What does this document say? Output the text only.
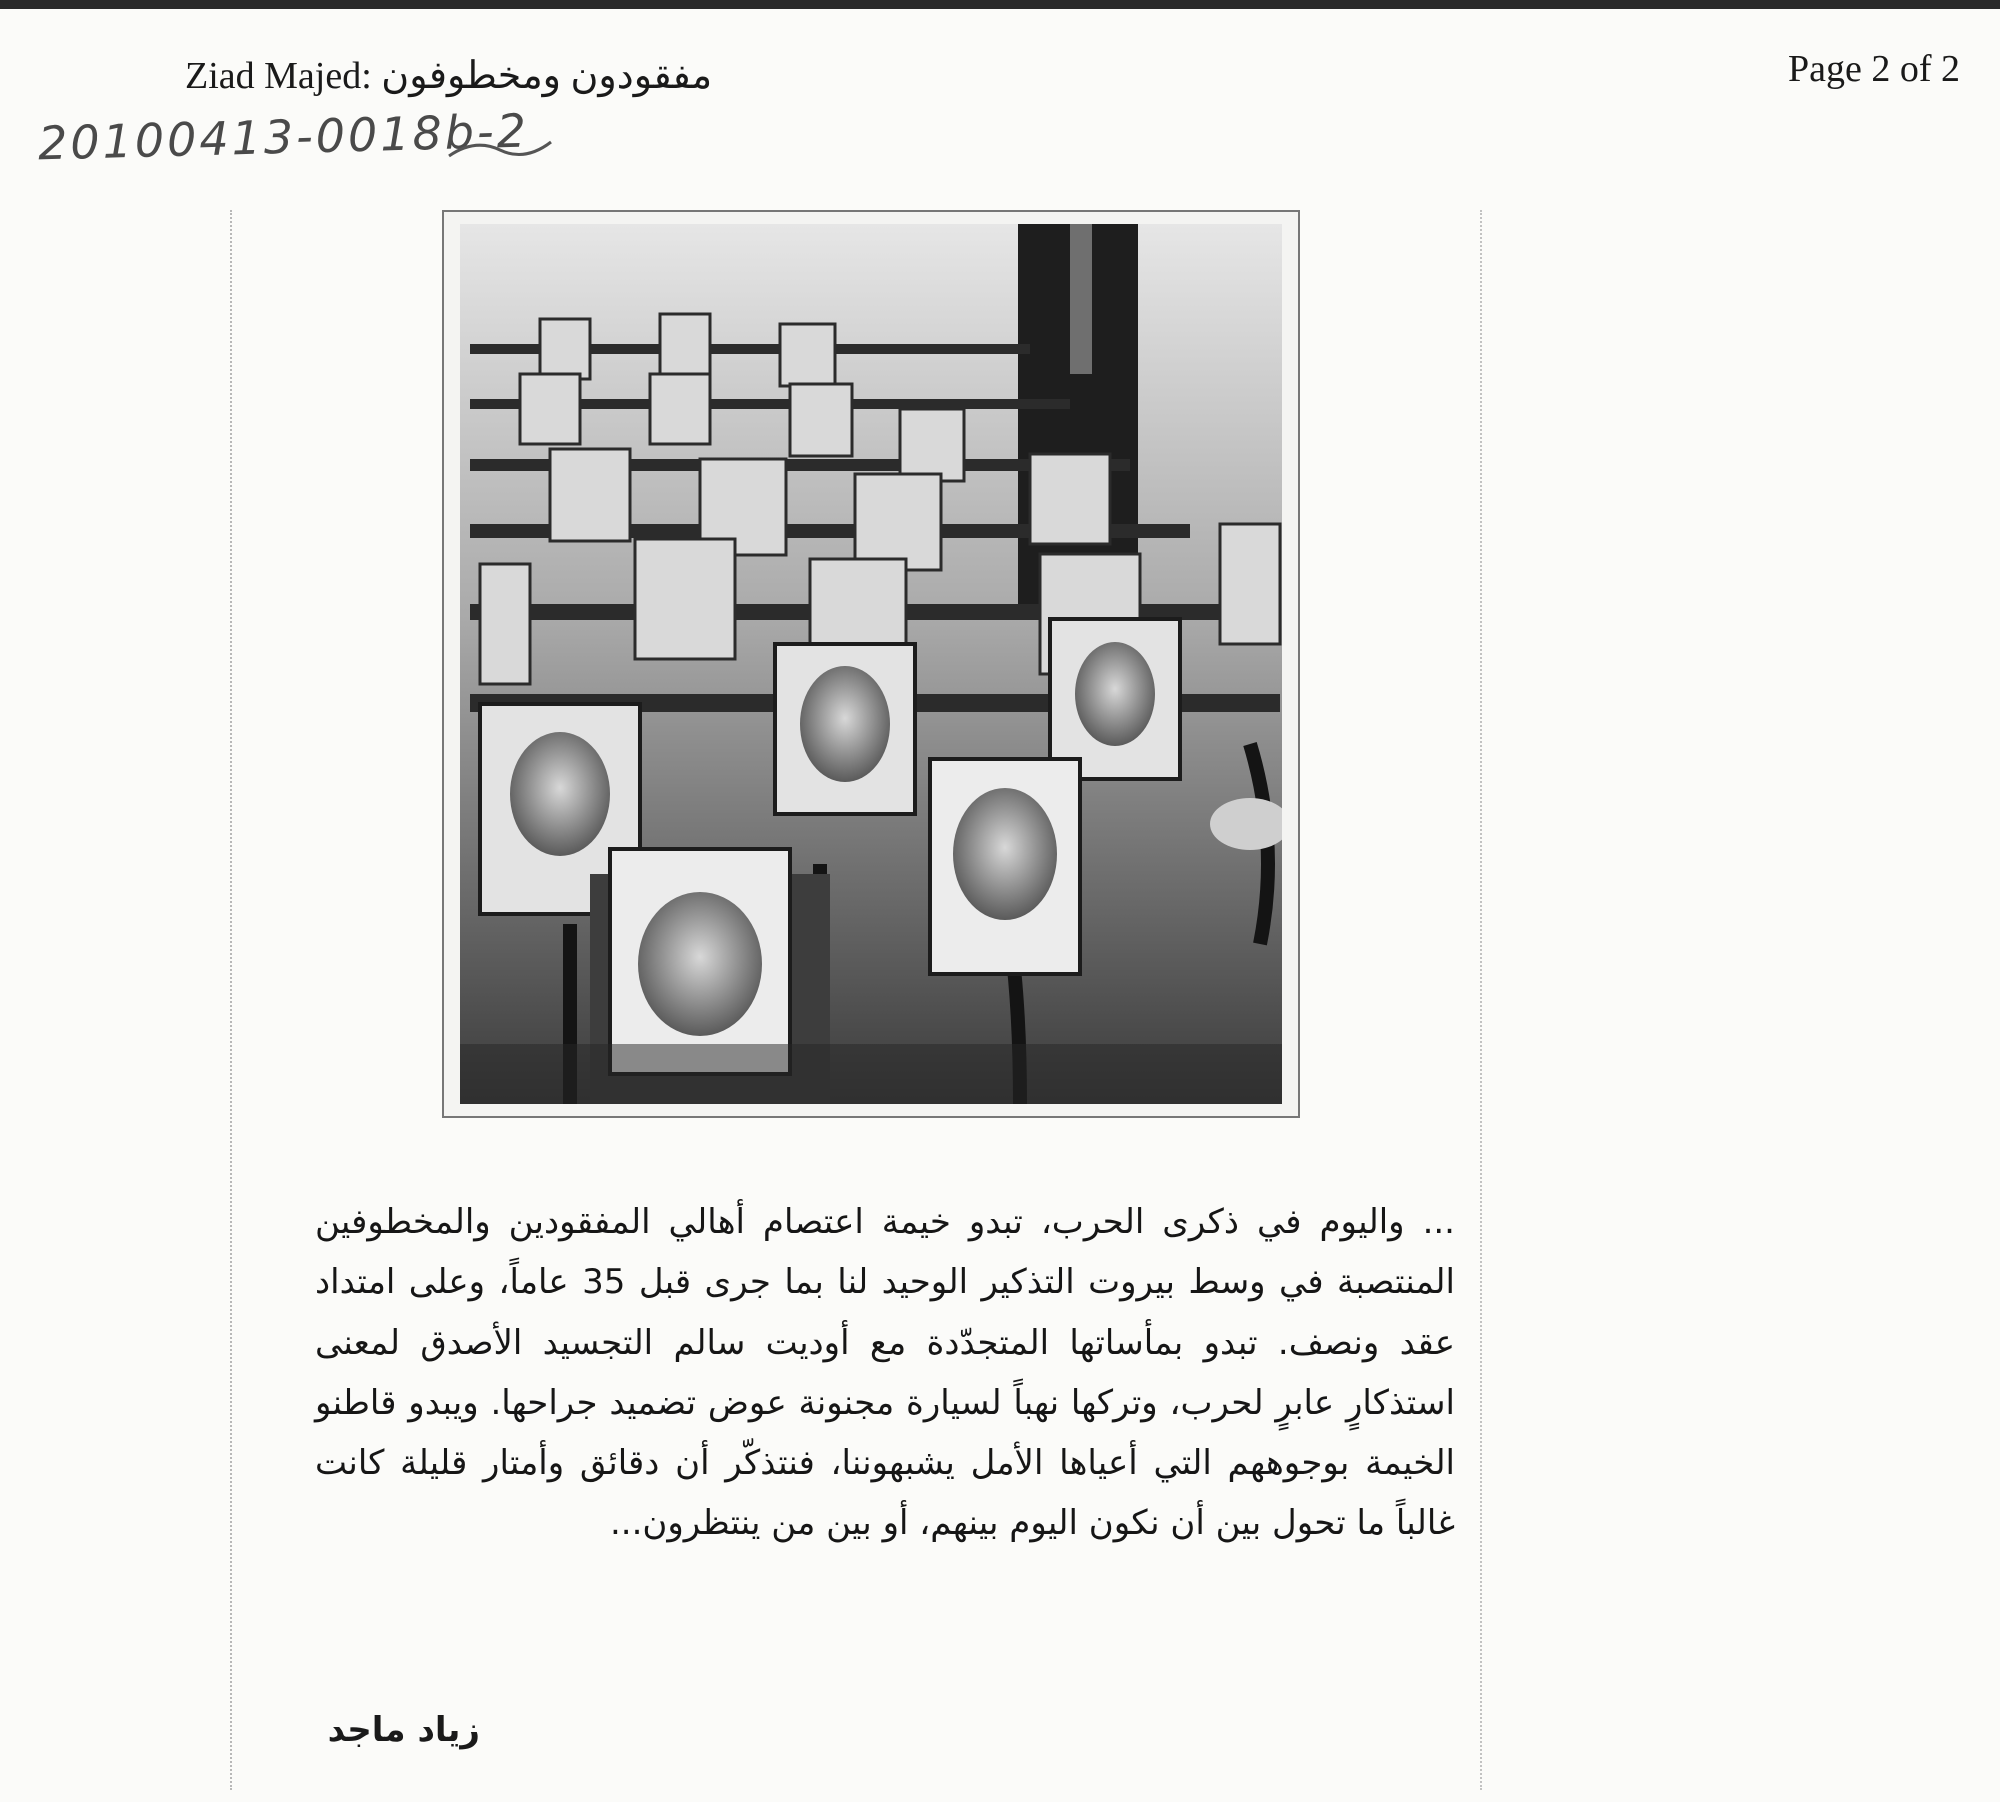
Ziad Majed: مفقودون ومخطوفون	Page 2 of 2
20100413-0018b-2
... واليوم في ذكرى الحرب، تبدو خيمة اعتصام أهالي المفقودين والمخطوفين المنتصبة في وسط بيروت التذكير الوحيد لنا بما جرى قبل 35 عاماً، وعلى امتداد عقد ونصف. تبدو بمأساتها المتجدّدة مع أوديت سالم التجسيد الأصدق لمعنى استذكارٍ عابرٍ لحرب، وتركها نهباً لسيارة مجنونة عوض تضميد جراحها. ويبدو قاطنو الخيمة بوجوههم التي أعياها الأمل يشبهوننا، فنتذكّر أن دقائق وأمتار قليلة كانت غالباً ما تحول بين أن نكون اليوم بينهم، أو بين من ينتظرون...
زياد ماجد
